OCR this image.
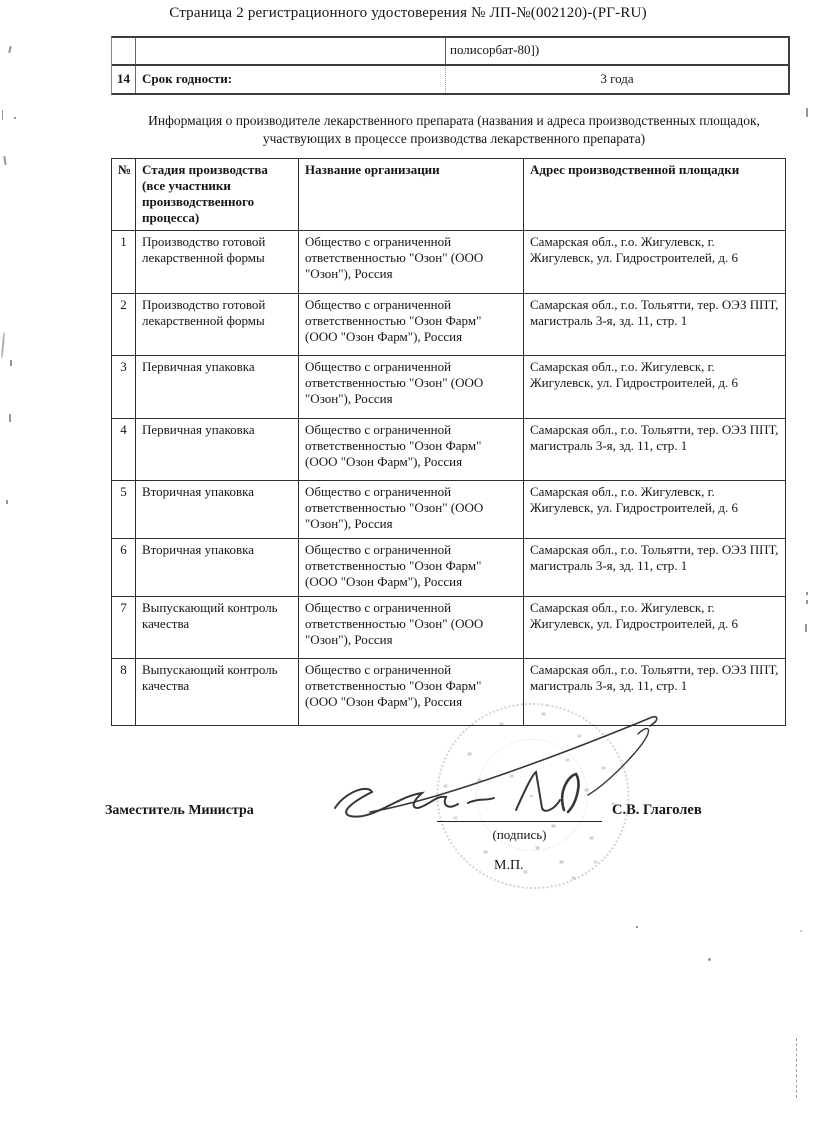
Страница 2 регистрационного удостоверения № ЛП-№(002120)-(РГ-RU)
полисорбат-80])
14 Срок годности:	3 года
Информация о производителе лекарственного препарата (названия и адреса производственных площадок, участвующих в процессе производства лекарственного препарата)
№	Стадия производства (все участники производственного процесса)	Название организации	Адрес производственной площадки
1	Производство готовой лекарственной формы	Общество с ограниченной ответственностью "Озон" (ООО "Озон"), Россия	Самарская обл., г.о. Жигулевск, г. Жигулевск, ул. Гидростроителей, д. 6
2	Производство готовой лекарственной формы	Общество с ограниченной ответственностью "Озон Фарм" (ООО "Озон Фарм"), Россия	Самарская обл., г.о. Тольятти, тер. ОЭЗ ППТ, магистраль 3-я, зд. 11, стр. 1
3	Первичная упаковка	Общество с ограниченной ответственностью "Озон" (ООО "Озон"), Россия	Самарская обл., г.о. Жигулевск, г. Жигулевск, ул. Гидростроителей, д. 6
4	Первичная упаковка	Общество с ограниченной ответственностью "Озон Фарм" (ООО "Озон Фарм"), Россия	Самарская обл., г.о. Тольятти, тер. ОЭЗ ППТ, магистраль 3-я, зд. 11, стр. 1
5	Вторичная упаковка	Общество с ограниченной ответственностью "Озон" (ООО "Озон"), Россия	Самарская обл., г.о. Жигулевск, г. Жигулевск, ул. Гидростроителей, д. 6
6	Вторичная упаковка	Общество с ограниченной ответственностью "Озон Фарм" (ООО "Озон Фарм"), Россия	Самарская обл., г.о. Тольятти, тер. ОЭЗ ППТ, магистраль 3-я, зд. 11, стр. 1
7	Выпускающий контроль качества	Общество с ограниченной ответственностью "Озон" (ООО "Озон"), Россия	Самарская обл., г.о. Жигулевск, г. Жигулевск, ул. Гидростроителей, д. 6
8	Выпускающий контроль качества	Общество с ограниченной ответственностью "Озон Фарм" (ООО "Озон Фарм"), Россия	Самарская обл., г.о. Тольятти, тер. ОЭЗ ППТ, магистраль 3-я, зд. 11, стр. 1
Заместитель Министра	С.В. Глаголев
(подпись)
М.П.
